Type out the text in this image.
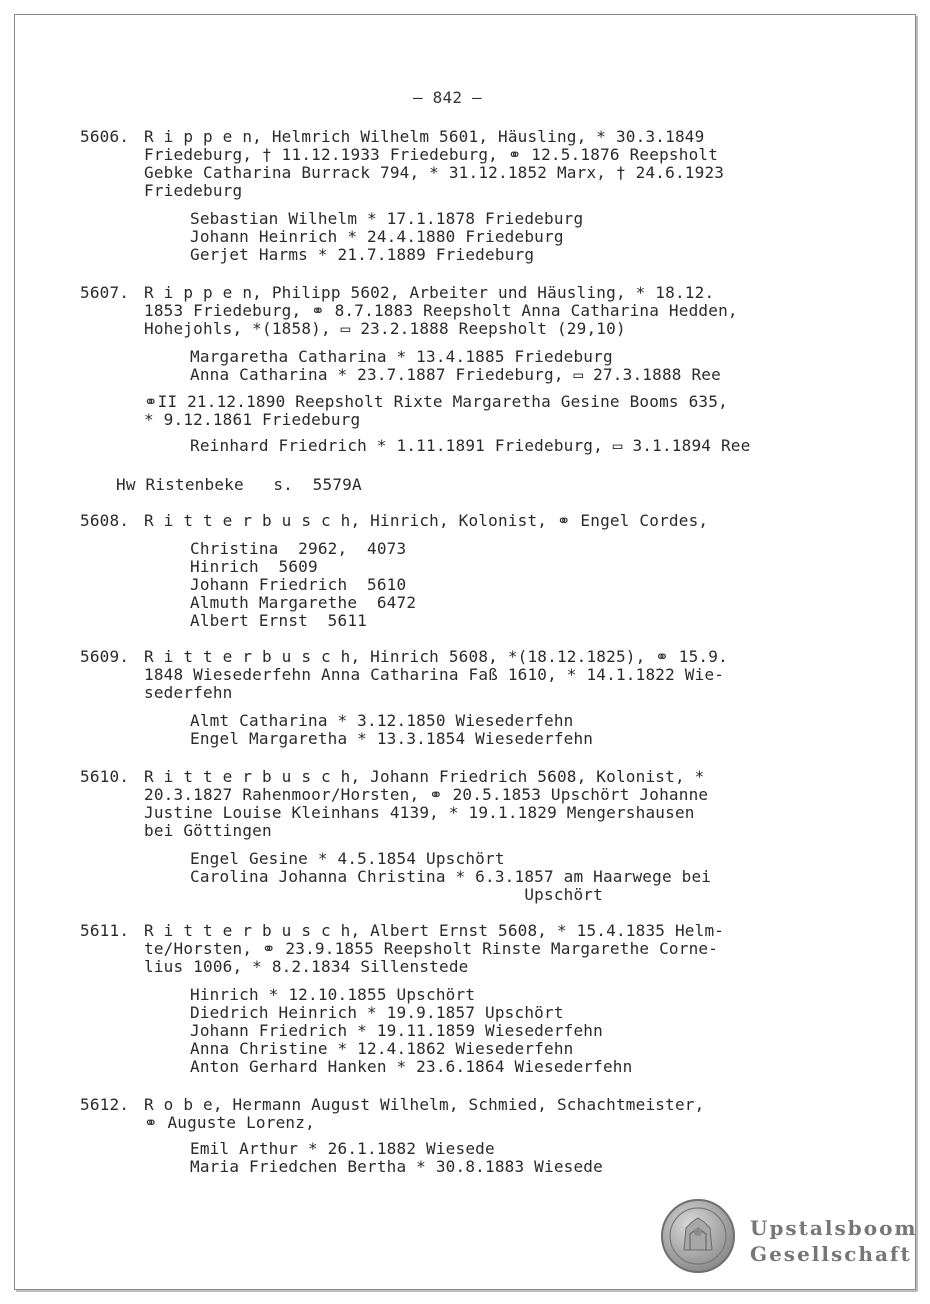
– 842 –
5606. R i p p e n, Helmrich Wilhelm 5601, Häusling, * 30.3.1849
Friedeburg, † 11.12.1933 Friedeburg, ⚭ 12.5.1876 Reepsholt
Gebke Catharina Burrack 794, * 31.12.1852 Marx, † 24.6.1923
Friedeburg
Sebastian Wilhelm * 17.1.1878 Friedeburg
Johann Heinrich * 24.4.1880 Friedeburg
Gerjet Harms * 21.7.1889 Friedeburg
5607. R i p p e n, Philipp 5602, Arbeiter und Häusling, * 18.12.
1853 Friedeburg, ⚭ 8.7.1883 Reepsholt Anna Catharina Hedden,
Hohejohls, *(1858), ▭ 23.2.1888 Reepsholt (29,10)
Margaretha Catharina * 13.4.1885 Friedeburg
Anna Catharina * 23.7.1887 Friedeburg, ▭ 27.3.1888 Ree
⚭II 21.12.1890 Reepsholt Rixte Margaretha Gesine Booms 635,
* 9.12.1861 Friedeburg
Reinhard Friedrich * 1.11.1891 Friedeburg, ▭ 3.1.1894 Ree
Hw Ristenbeke   s.  5579A
5608. R i t t e r b u s c h, Hinrich, Kolonist, ⚭ Engel Cordes,
Christina  2962,  4073
Hinrich  5609
Johann Friedrich  5610
Almuth Margarethe  6472
Albert Ernst  5611
5609. R i t t e r b u s c h, Hinrich 5608, *(18.12.1825), ⚭ 15.9.
1848 Wiesederfehn Anna Catharina Faß 1610, * 14.1.1822 Wie-
sederfehn
Almt Catharina * 3.12.1850 Wiesederfehn
Engel Margaretha * 13.3.1854 Wiesederfehn
5610. R i t t e r b u s c h, Johann Friedrich 5608, Kolonist, *
20.3.1827 Rahenmoor/Horsten, ⚭ 20.5.1853 Upschört Johanne
Justine Louise Kleinhans 4139, * 19.1.1829 Mengershausen
bei Göttingen
Engel Gesine * 4.5.1854 Upschört
Carolina Johanna Christina * 6.3.1857 am Haarwege bei
Upschört
5611. R i t t e r b u s c h, Albert Ernst 5608, * 15.4.1835 Helm-
te/Horsten, ⚭ 23.9.1855 Reepsholt Rinste Margarethe Corne-
lius 1006, * 8.2.1834 Sillenstede
Hinrich * 12.10.1855 Upschört
Diedrich Heinrich * 19.9.1857 Upschört
Johann Friedrich * 19.11.1859 Wiesederfehn
Anna Christine * 12.4.1862 Wiesederfehn
Anton Gerhard Hanken * 23.6.1864 Wiesederfehn
5612. R o b e, Hermann August Wilhelm, Schmied, Schachtmeister,
⚭ Auguste Lorenz,
Emil Arthur * 26.1.1882 Wiesede
Maria Friedchen Bertha * 30.8.1883 Wiesede
Upstalsboom
Gesellschaft
